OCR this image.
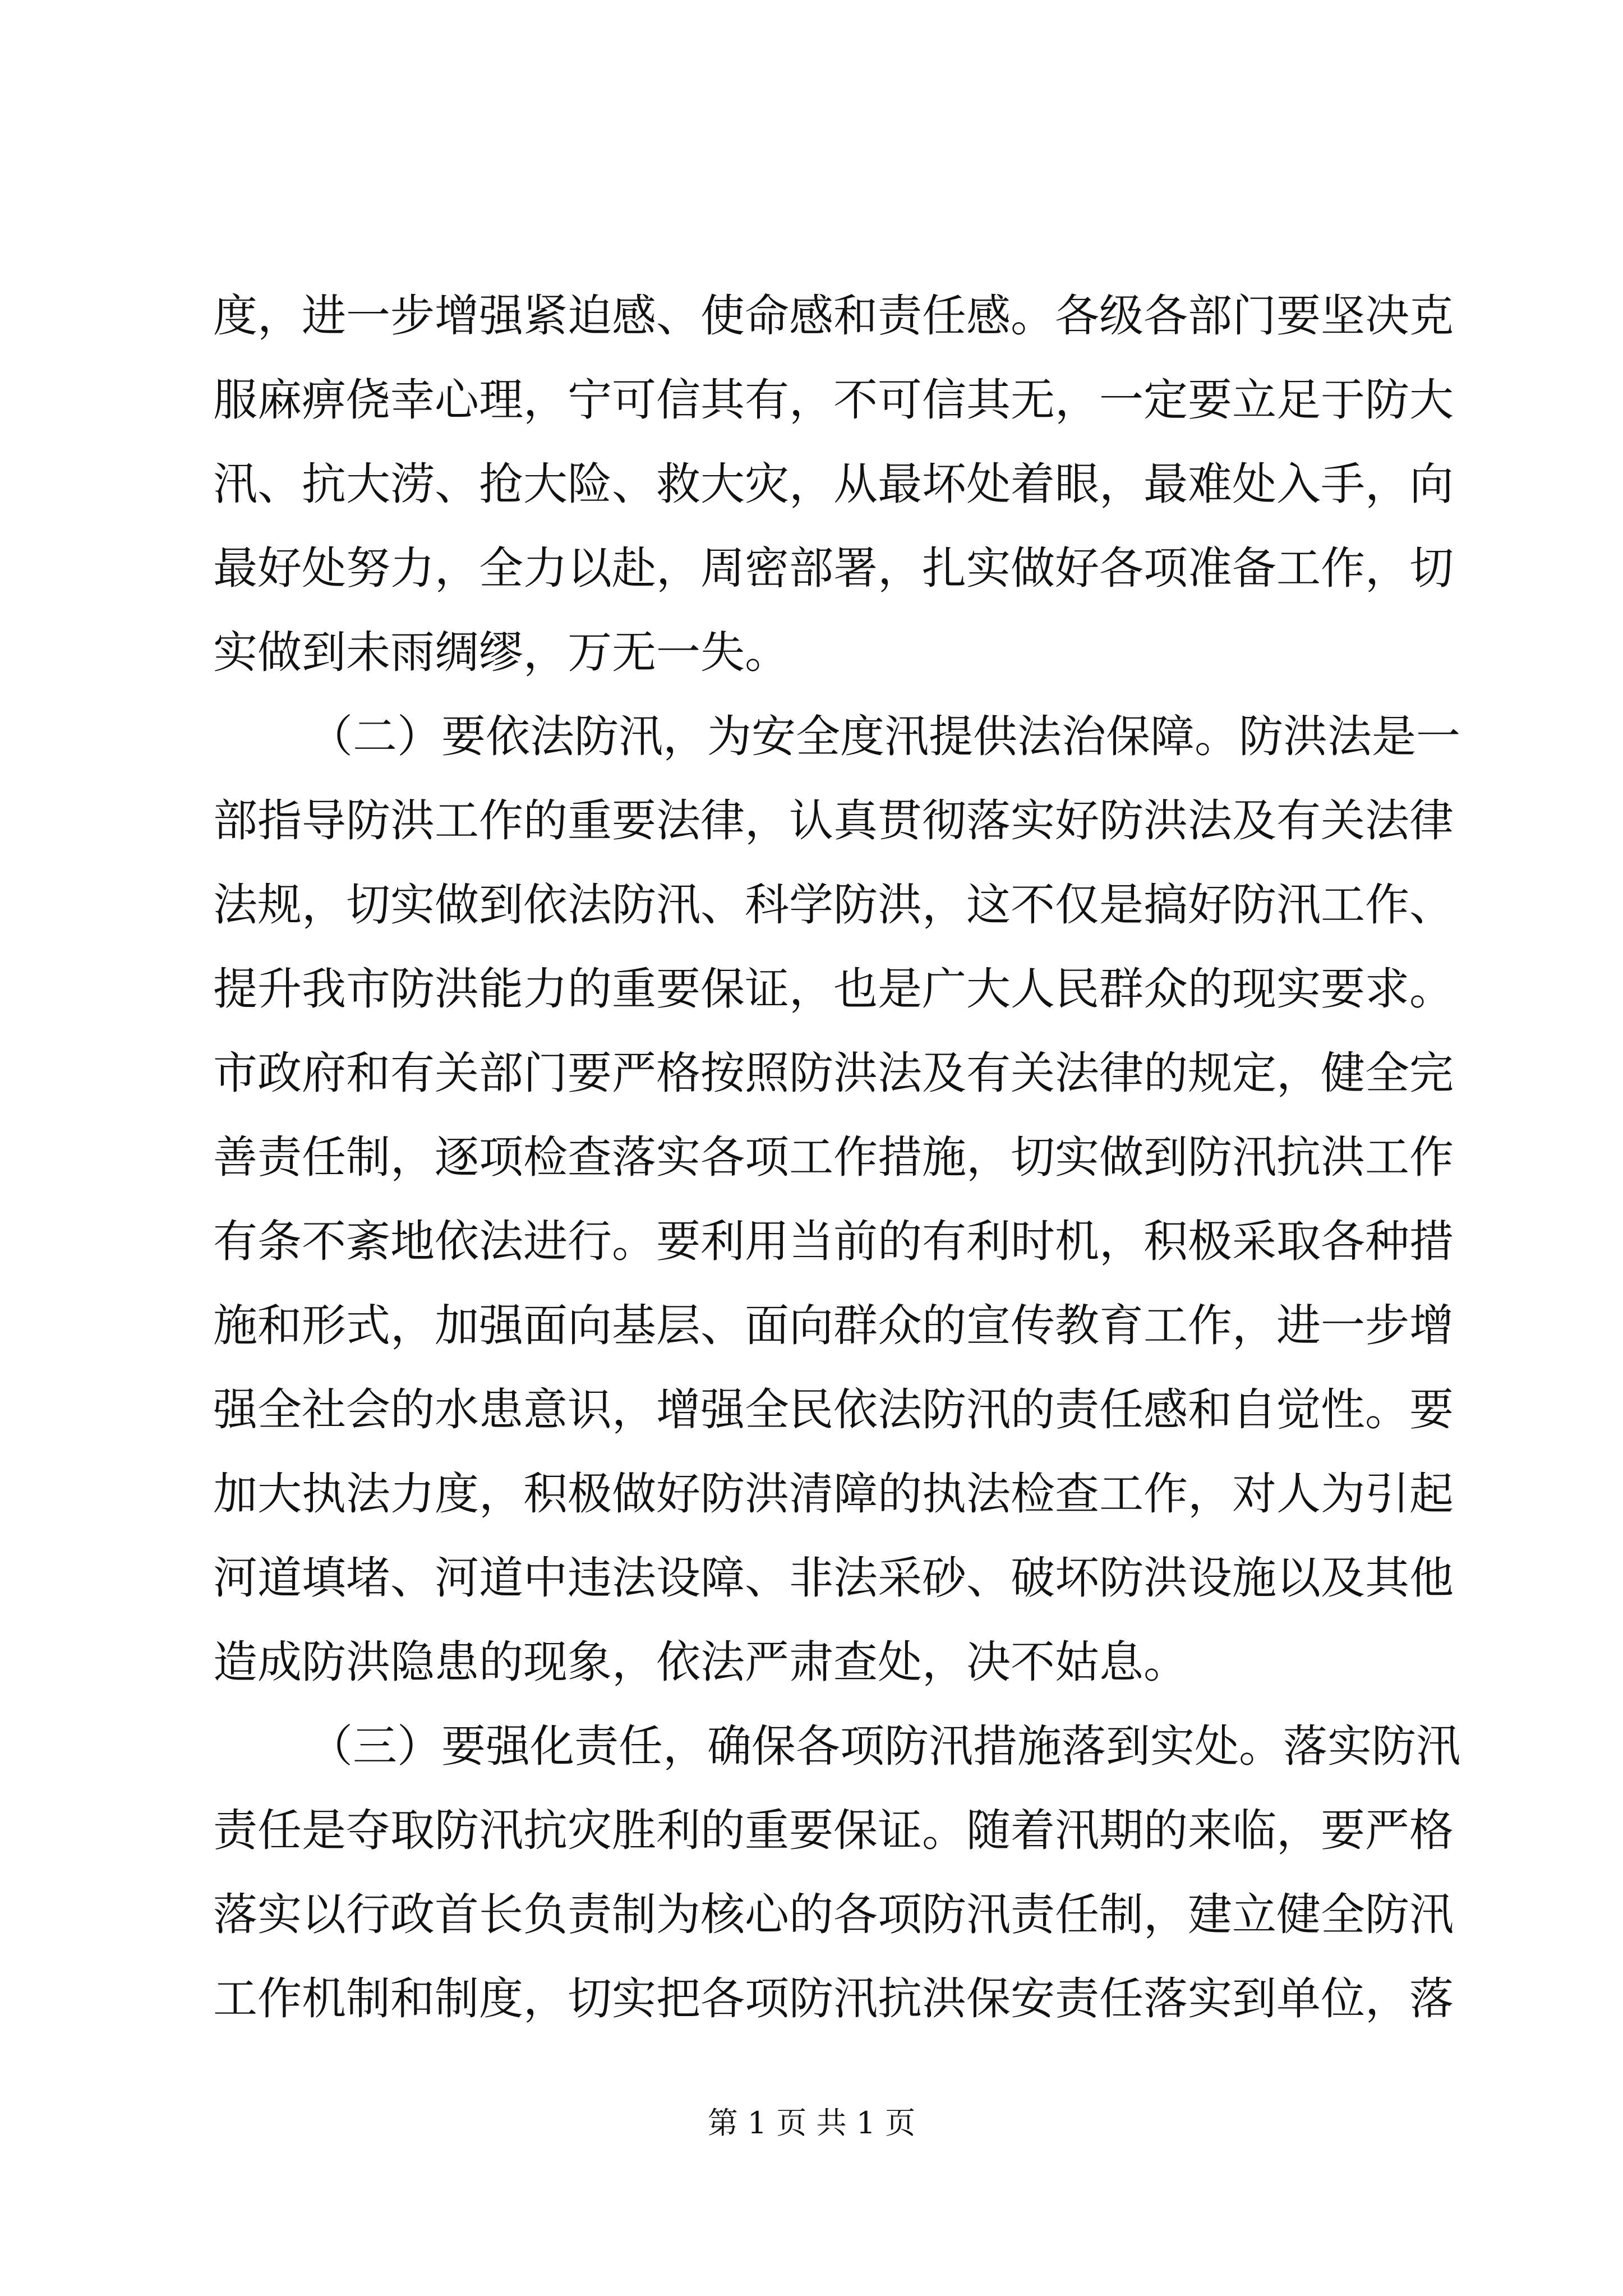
度，进一步增强紧迫感、使命感和责任感。各级各部门要坚决克
服麻痹侥幸心理，宁可信其有，不可信其无，一定要立足于防大
汛、抗大涝、抢大险、救大灾，从最坏处着眼，最难处入手，向
最好处努力，全力以赴，周密部署，扎实做好各项准备工作，切
实做到未雨绸缪，万无一失。
（二）要依法防汛，为安全度汛提供法治保障。防洪法是一
部指导防洪工作的重要法律，认真贯彻落实好防洪法及有关法律
法规，切实做到依法防汛、科学防洪，这不仅是搞好防汛工作、
提升我市防洪能力的重要保证，也是广大人民群众的现实要求。
市政府和有关部门要严格按照防洪法及有关法律的规定，健全完
善责任制，逐项检查落实各项工作措施，切实做到防汛抗洪工作
有条不紊地依法进行。要利用当前的有利时机，积极采取各种措
施和形式，加强面向基层、面向群众的宣传教育工作，进一步增
强全社会的水患意识，增强全民依法防汛的责任感和自觉性。要
加大执法力度，积极做好防洪清障的执法检查工作，对人为引起
河道填堵、河道中违法设障、非法采砂、破坏防洪设施以及其他
造成防洪隐患的现象，依法严肃查处，决不姑息。
（三）要强化责任，确保各项防汛措施落到实处。落实防汛
责任是夺取防汛抗灾胜利的重要保证。随着汛期的来临，要严格
落实以行政首长负责制为核心的各项防汛责任制，建立健全防汛
工作机制和制度，切实把各项防汛抗洪保安责任落实到单位，落
第 1 页 共 1 页
